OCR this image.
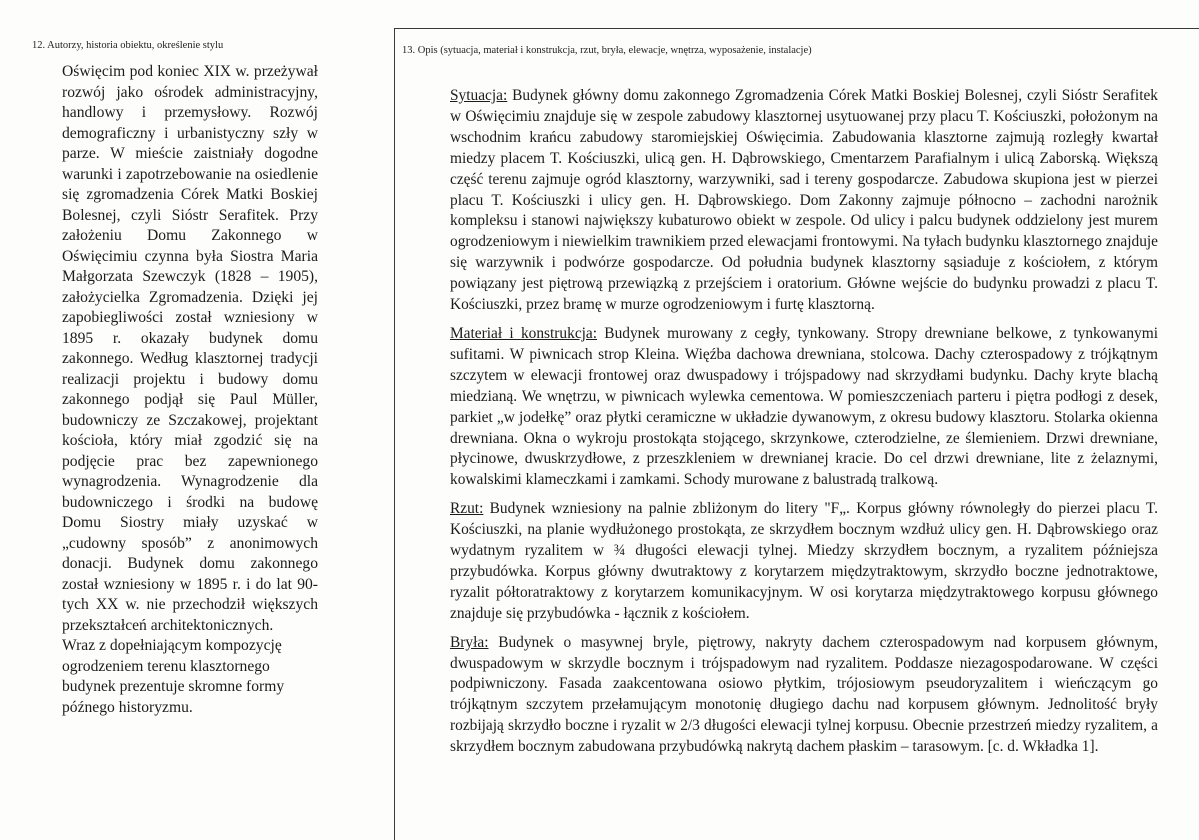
12. Autorzy, historia obiektu, określenie stylu	13. Opis (sytuacja, materiał i konstrukcja, rzut, bryła, elewacje, wnętrza, wyposażenie, instalacje)

Oświęcim pod koniec XIX w. przeżywał rozwój jako ośrodek administracyjny, handlowy i przemysłowy. Rozwój demograficzny i urbanistyczny szły w parze. W mieście zaistniały dogodne warunki i zapotrzebowanie na osiedlenie się zgromadzenia Córek Matki Boskiej Bolesnej, czyli Sióstr Serafitek. Przy założeniu Domu Zakonnego w Oświęcimiu czynna była Siostra Maria Małgorzata Szewczyk (1828 – 1905), założycielka Zgromadzenia. Dzięki jej zapobiegliwości został wzniesiony w 1895 r. okazały budynek domu zakonnego. Według klasztornej tradycji realizacji projektu i budowy domu zakonnego podjął się Paul Müller, budowniczy ze Szczakowej, projektant kościoła, który miał zgodzić się na podjęcie prac bez zapewnionego wynagrodzenia. Wynagrodzenie dla budowniczego i środki na budowę Domu Siostry miały uzyskać w „cudowny sposób” z anonimowych donacji. Budynek domu zakonnego został wzniesiony w 1895 r. i do lat 90-tych XX w. nie przechodził większych przekształceń architektonicznych.

Wraz z dopełniającym kompozycję ogrodzeniem terenu klasztornego budynek prezentuje skromne formy późnego historyzmu.

Sytuacja: Budynek główny domu zakonnego Zgromadzenia Córek Matki Boskiej Bolesnej, czyli Sióstr Serafitek w Oświęcimiu znajduje się w zespole zabudowy klasztornej usytuowanej przy placu T. Kościuszki, położonym na wschodnim krańcu zabudowy staromiejskiej Oświęcimia. Zabudowania klasztorne zajmują rozległy kwartał miedzy placem T. Kościuszki, ulicą gen. H. Dąbrowskiego, Cmentarzem Parafialnym i ulicą Zaborską. Większą część terenu zajmuje ogród klasztorny, warzywniki, sad i tereny gospodarcze. Zabudowa skupiona jest w pierzei placu T. Kościuszki i ulicy gen. H. Dąbrowskiego. Dom Zakonny zajmuje północno – zachodni narożnik kompleksu i stanowi największy kubaturowo obiekt w zespole. Od ulicy i palcu budynek oddzielony jest murem ogrodzeniowym i niewielkim trawnikiem przed elewacjami frontowymi. Na tyłach budynku klasztornego znajduje się warzywnik i podwórze gospodarcze. Od południa budynek klasztorny sąsiaduje z kościołem, z którym powiązany jest piętrową przewiązką z przejściem i oratorium. Główne wejście do budynku prowadzi z placu T. Kościuszki, przez bramę w murze ogrodzeniowym i furtę klasztorną.

Materiał i konstrukcja: Budynek murowany z cegły, tynkowany. Stropy drewniane belkowe, z tynkowanymi sufitami. W piwnicach strop Kleina. Więźba dachowa drewniana, stolcowa. Dachy czterospadowy z trójkątnym szczytem w elewacji frontowej oraz dwuspadowy i trójspadowy nad skrzydłami budynku. Dachy kryte blachą miedzianą. We wnętrzu, w piwnicach wylewka cementowa. W pomieszczeniach parteru i piętra podłogi z desek, parkiet „w jodełkę” oraz płytki ceramiczne w układzie dywanowym, z okresu budowy klasztoru. Stolarka okienna drewniana. Okna o wykroju prostokąta stojącego, skrzynkowe, czterodzielne, ze ślemieniem. Drzwi drewniane, płycinowe, dwuskrzydłowe, z przeszkleniem w drewnianej kracie. Do cel drzwi drewniane, lite z żelaznymi, kowalskimi klameczkami i zamkami. Schody murowane z balustradą tralkową.

Rzut: Budynek wzniesiony na palnie zbliżonym do litery "F„. Korpus główny równoległy do pierzei placu T. Kościuszki, na planie wydłużonego prostokąta, ze skrzydłem bocznym wzdłuż ulicy gen. H. Dąbrowskiego oraz wydatnym ryzalitem w ¾ długości elewacji tylnej. Miedzy skrzydłem bocznym, a ryzalitem późniejsza przybudówka. Korpus główny dwutraktowy z korytarzem międzytraktowym, skrzydło boczne jednotraktowe, ryzalit półtoratraktowy z korytarzem komunikacyjnym. W osi korytarza międzytraktowego korpusu głównego znajduje się przybudówka - łącznik z kościołem.

Bryła: Budynek o masywnej bryle, piętrowy, nakryty dachem czterospadowym nad korpusem głównym, dwuspadowym w skrzydle bocznym i trójspadowym nad ryzalitem. Poddasze niezagospodarowane. W części podpiwniczony. Fasada zaakcentowana osiowo płytkim, trójosiowym pseudoryzalitem i wieńczącym go trójkątnym szczytem przełamującym monotonię długiego dachu nad korpusem głównym. Jednolitość bryły rozbijają skrzydło boczne i ryzalit w 2/3 długości elewacji tylnej korpusu. Obecnie przestrzeń miedzy ryzalitem, a skrzydłem bocznym zabudowana przybudówką nakrytą dachem płaskim – tarasowym. [c. d. Wkładka 1].
